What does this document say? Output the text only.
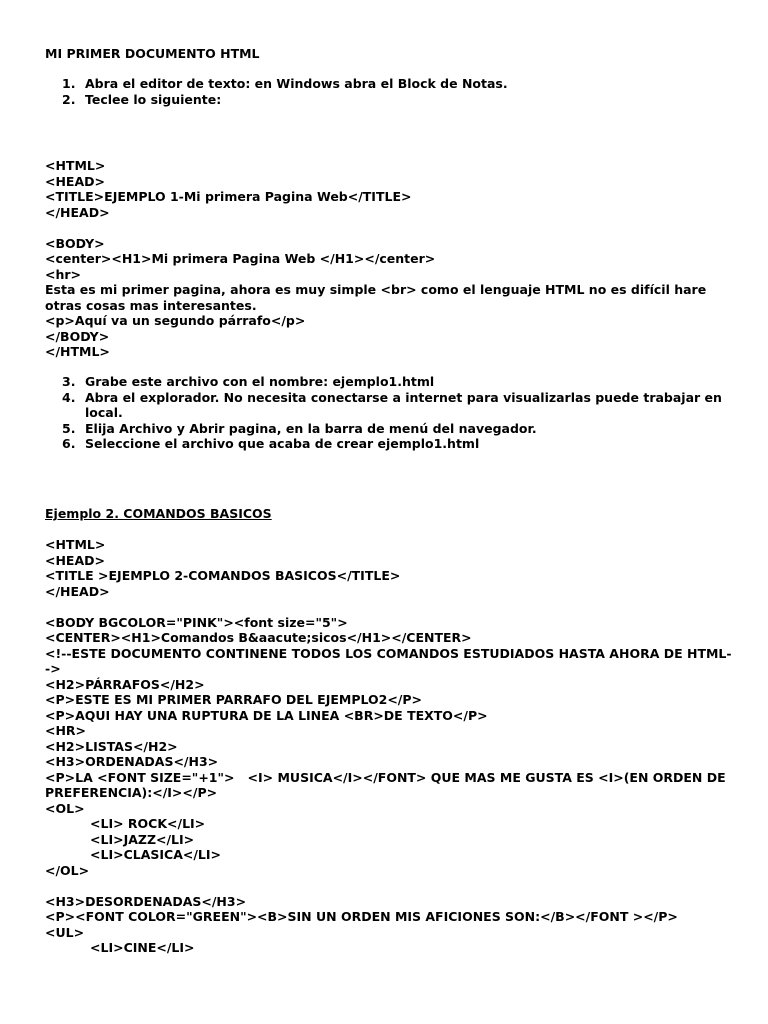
MI PRIMER DOCUMENTO HTML
1. Abra el editor de texto: en Windows abra el Block de Notas.
2. Teclee lo siguiente:
<HTML>
<HEAD>
<TITLE>EJEMPLO 1-Mi primera Pagina Web</TITLE>
</HEAD>
<BODY>
<center><H1>Mi primera Pagina Web </H1></center>
<hr>
Esta es mi primer pagina, ahora es muy simple <br> como el lenguaje HTML no es difícil hare otras cosas mas interesantes.
<p>Aquí va un segundo párrafo</p>
</BODY>
</HTML>
3. Grabe este archivo con el nombre: ejemplo1.html
4. Abra el explorador. No necesita conectarse a internet para visualizarlas puede trabajar en local.
5. Elija Archivo y Abrir pagina, en la barra de menú del navegador.
6. Seleccione el archivo que acaba de crear ejemplo1.html
Ejemplo 2. COMANDOS BASICOS
<HTML>
<HEAD>
<TITLE >EJEMPLO 2-COMANDOS BASICOS</TITLE>
</HEAD>
<BODY BGCOLOR="PINK"><font size="5">
<CENTER><H1>Comandos B&aacute;sicos</H1></CENTER>
<!--ESTE DOCUMENTO CONTINENE TODOS LOS COMANDOS ESTUDIADOS HASTA AHORA DE HTML-->
<H2>PÁRRAFOS</H2>
<P>ESTE ES MI PRIMER PARRAFO DEL EJEMPLO2</P>
<P>AQUI HAY UNA RUPTURA DE LA LINEA <BR>DE TEXTO</P>
<HR>
<H2>LISTAS</H2>
<H3>ORDENADAS</H3>
<P>LA <FONT SIZE="+1">   <I> MUSICA</I></FONT> QUE MAS ME GUSTA ES <I>(EN ORDEN DE PREFERENCIA):</I></P>
<OL>
<LI> ROCK</LI>
<LI>JAZZ</LI>
<LI>CLASICA</LI>
</OL>
<H3>DESORDENADAS</H3>
<P><FONT COLOR="GREEN"><B>SIN UN ORDEN MIS AFICIONES SON:</B></FONT ></P>
<UL>
<LI>CINE</LI>
